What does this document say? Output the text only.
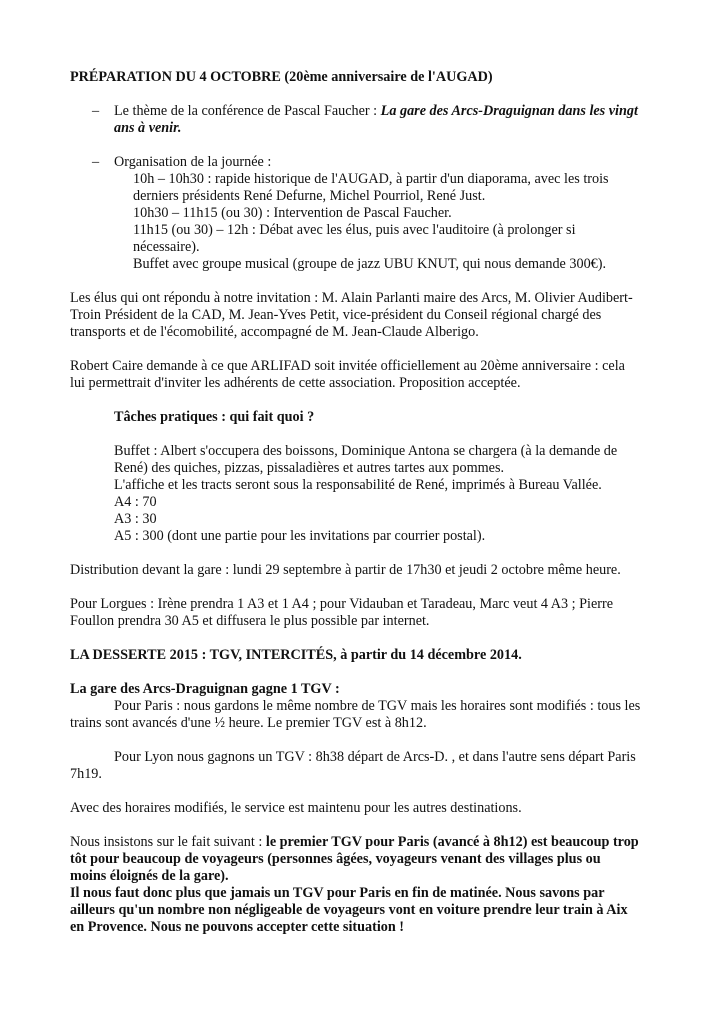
PRÉPARATION DU 4 OCTOBRE (20ème anniversaire de l'AUGAD)

– Le thème de la conférence de Pascal Faucher : La gare des Arcs-Draguignan dans les vingt

ans à venir.

– Organisation de la journée :

10h – 10h30 : rapide historique de l'AUGAD, à partir d'un diaporama, avec les trois

derniers présidents René Defurne, Michel Pourriol, René Just.

10h30 – 11h15 (ou 30) : Intervention de Pascal Faucher.

11h15 (ou 30) – 12h : Débat avec les élus, puis avec l'auditoire (à prolonger si

nécessaire).

Buffet avec groupe musical (groupe de jazz UBU KNUT, qui nous demande 300€).

Les élus qui ont répondu à notre invitation : M. Alain Parlanti maire des Arcs, M. Olivier Audibert-

Troin Président de la CAD, M. Jean-Yves Petit, vice-président du Conseil régional chargé des

transports et de l'écomobilité, accompagné de M. Jean-Claude Alberigo.

Robert Caire demande à ce que ARLIFAD soit invitée officiellement au 20ème anniversaire : cela

lui permettrait d'inviter les adhérents de cette association. Proposition acceptée.

Tâches pratiques : qui fait quoi ?

Buffet : Albert s'occupera des boissons, Dominique Antona se chargera (à la demande de

René) des quiches, pizzas, pissaladières et autres tartes aux pommes.

L'affiche et les tracts seront sous la responsabilité de René, imprimés à Bureau Vallée.

A4 : 70

A3 : 30

A5 : 300 (dont une partie pour les invitations par courrier postal).

Distribution devant la gare : lundi 29 septembre à partir de 17h30 et jeudi 2 octobre même heure.

Pour Lorgues : Irène prendra 1 A3 et 1 A4 ; pour Vidauban et Taradeau, Marc veut 4 A3 ; Pierre

Foullon prendra 30 A5 et diffusera le plus possible par internet.

LA DESSERTE 2015 : TGV, INTERCITÉS, à partir du 14 décembre 2014.

La gare des Arcs-Draguignan gagne 1 TGV :

Pour Paris : nous gardons le même nombre de TGV mais les horaires sont modifiés : tous les

trains sont avancés d'une ½ heure. Le premier TGV est à 8h12.

Pour Lyon nous gagnons un TGV : 8h38 départ de Arcs-D. , et dans l'autre sens départ Paris

7h19.

Avec des horaires modifiés, le service est maintenu pour les autres destinations.

Nous insistons sur le fait suivant : le premier TGV pour Paris (avancé à 8h12) est beaucoup trop

tôt pour beaucoup de voyageurs (personnes âgées, voyageurs venant des villages plus ou

moins éloignés de la gare).

Il nous faut donc plus que jamais un TGV pour Paris en fin de matinée. Nous savons par

ailleurs qu'un nombre non négligeable de voyageurs vont en voiture prendre leur train à Aix

en Provence. Nous ne pouvons accepter cette situation !
